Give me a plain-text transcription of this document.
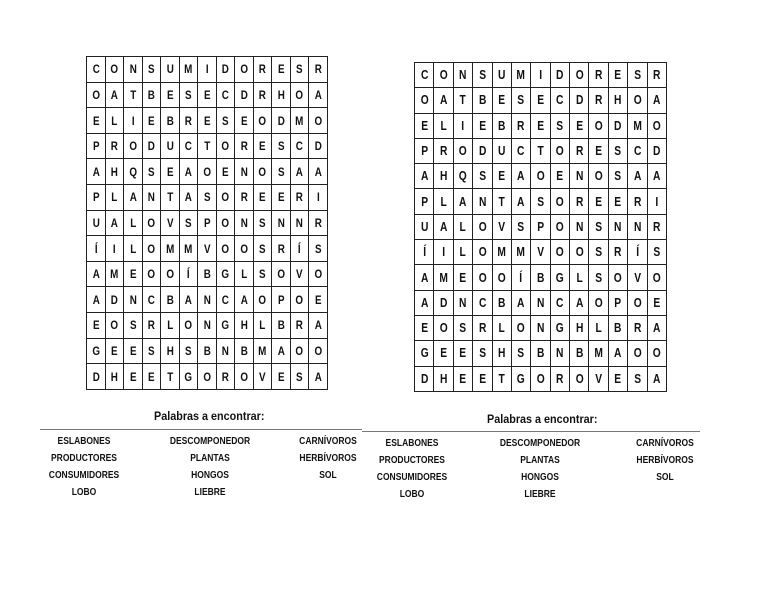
C	O	N	S	U	M	I	D	O	R	E	S	R
O	A	T	B	E	S	E	C	D	R	H	O	A
E	L	I	E	B	R	E	S	E	O	D	M	O
P	R	O	D	U	C	T	O	R	E	S	C	D
A	H	Q	S	E	A	O	E	N	O	S	A	A
P	L	A	N	T	A	S	O	R	E	E	R	I
U	A	L	O	V	S	P	O	N	S	N	N	R
Í	I	L	O	M	M	V	O	O	S	R	Í	S
A	M	E	O	O	Í	B	G	L	S	O	V	O
A	D	N	C	B	A	N	C	A	O	P	O	E
E	O	S	R	L	O	N	G	H	L	B	R	A
G	E	E	S	H	S	B	N	B	M	A	O	O
D	H	E	E	T	G	O	R	O	V	E	S	A
Palabras a encontrar:
ESLABONES
PRODUCTORES
CONSUMIDORES
LOBO
DESCOMPONEDOR
PLANTAS
HONGOS
LIEBRE
CARNÍVOROS
HERBÍVOROS
SOL
C	O	N	S	U	M	I	D	O	R	E	S	R
O	A	T	B	E	S	E	C	D	R	H	O	A
E	L	I	E	B	R	E	S	E	O	D	M	O
P	R	O	D	U	C	T	O	R	E	S	C	D
A	H	Q	S	E	A	O	E	N	O	S	A	A
P	L	A	N	T	A	S	O	R	E	E	R	I
U	A	L	O	V	S	P	O	N	S	N	N	R
Í	I	L	O	M	M	V	O	O	S	R	Í	S
A	M	E	O	O	Í	B	G	L	S	O	V	O
A	D	N	C	B	A	N	C	A	O	P	O	E
E	O	S	R	L	O	N	G	H	L	B	R	A
G	E	E	S	H	S	B	N	B	M	A	O	O
D	H	E	E	T	G	O	R	O	V	E	S	A
Palabras a encontrar:
ESLABONES
PRODUCTORES
CONSUMIDORES
LOBO
DESCOMPONEDOR
PLANTAS
HONGOS
LIEBRE
CARNÍVOROS
HERBÍVOROS
SOL
